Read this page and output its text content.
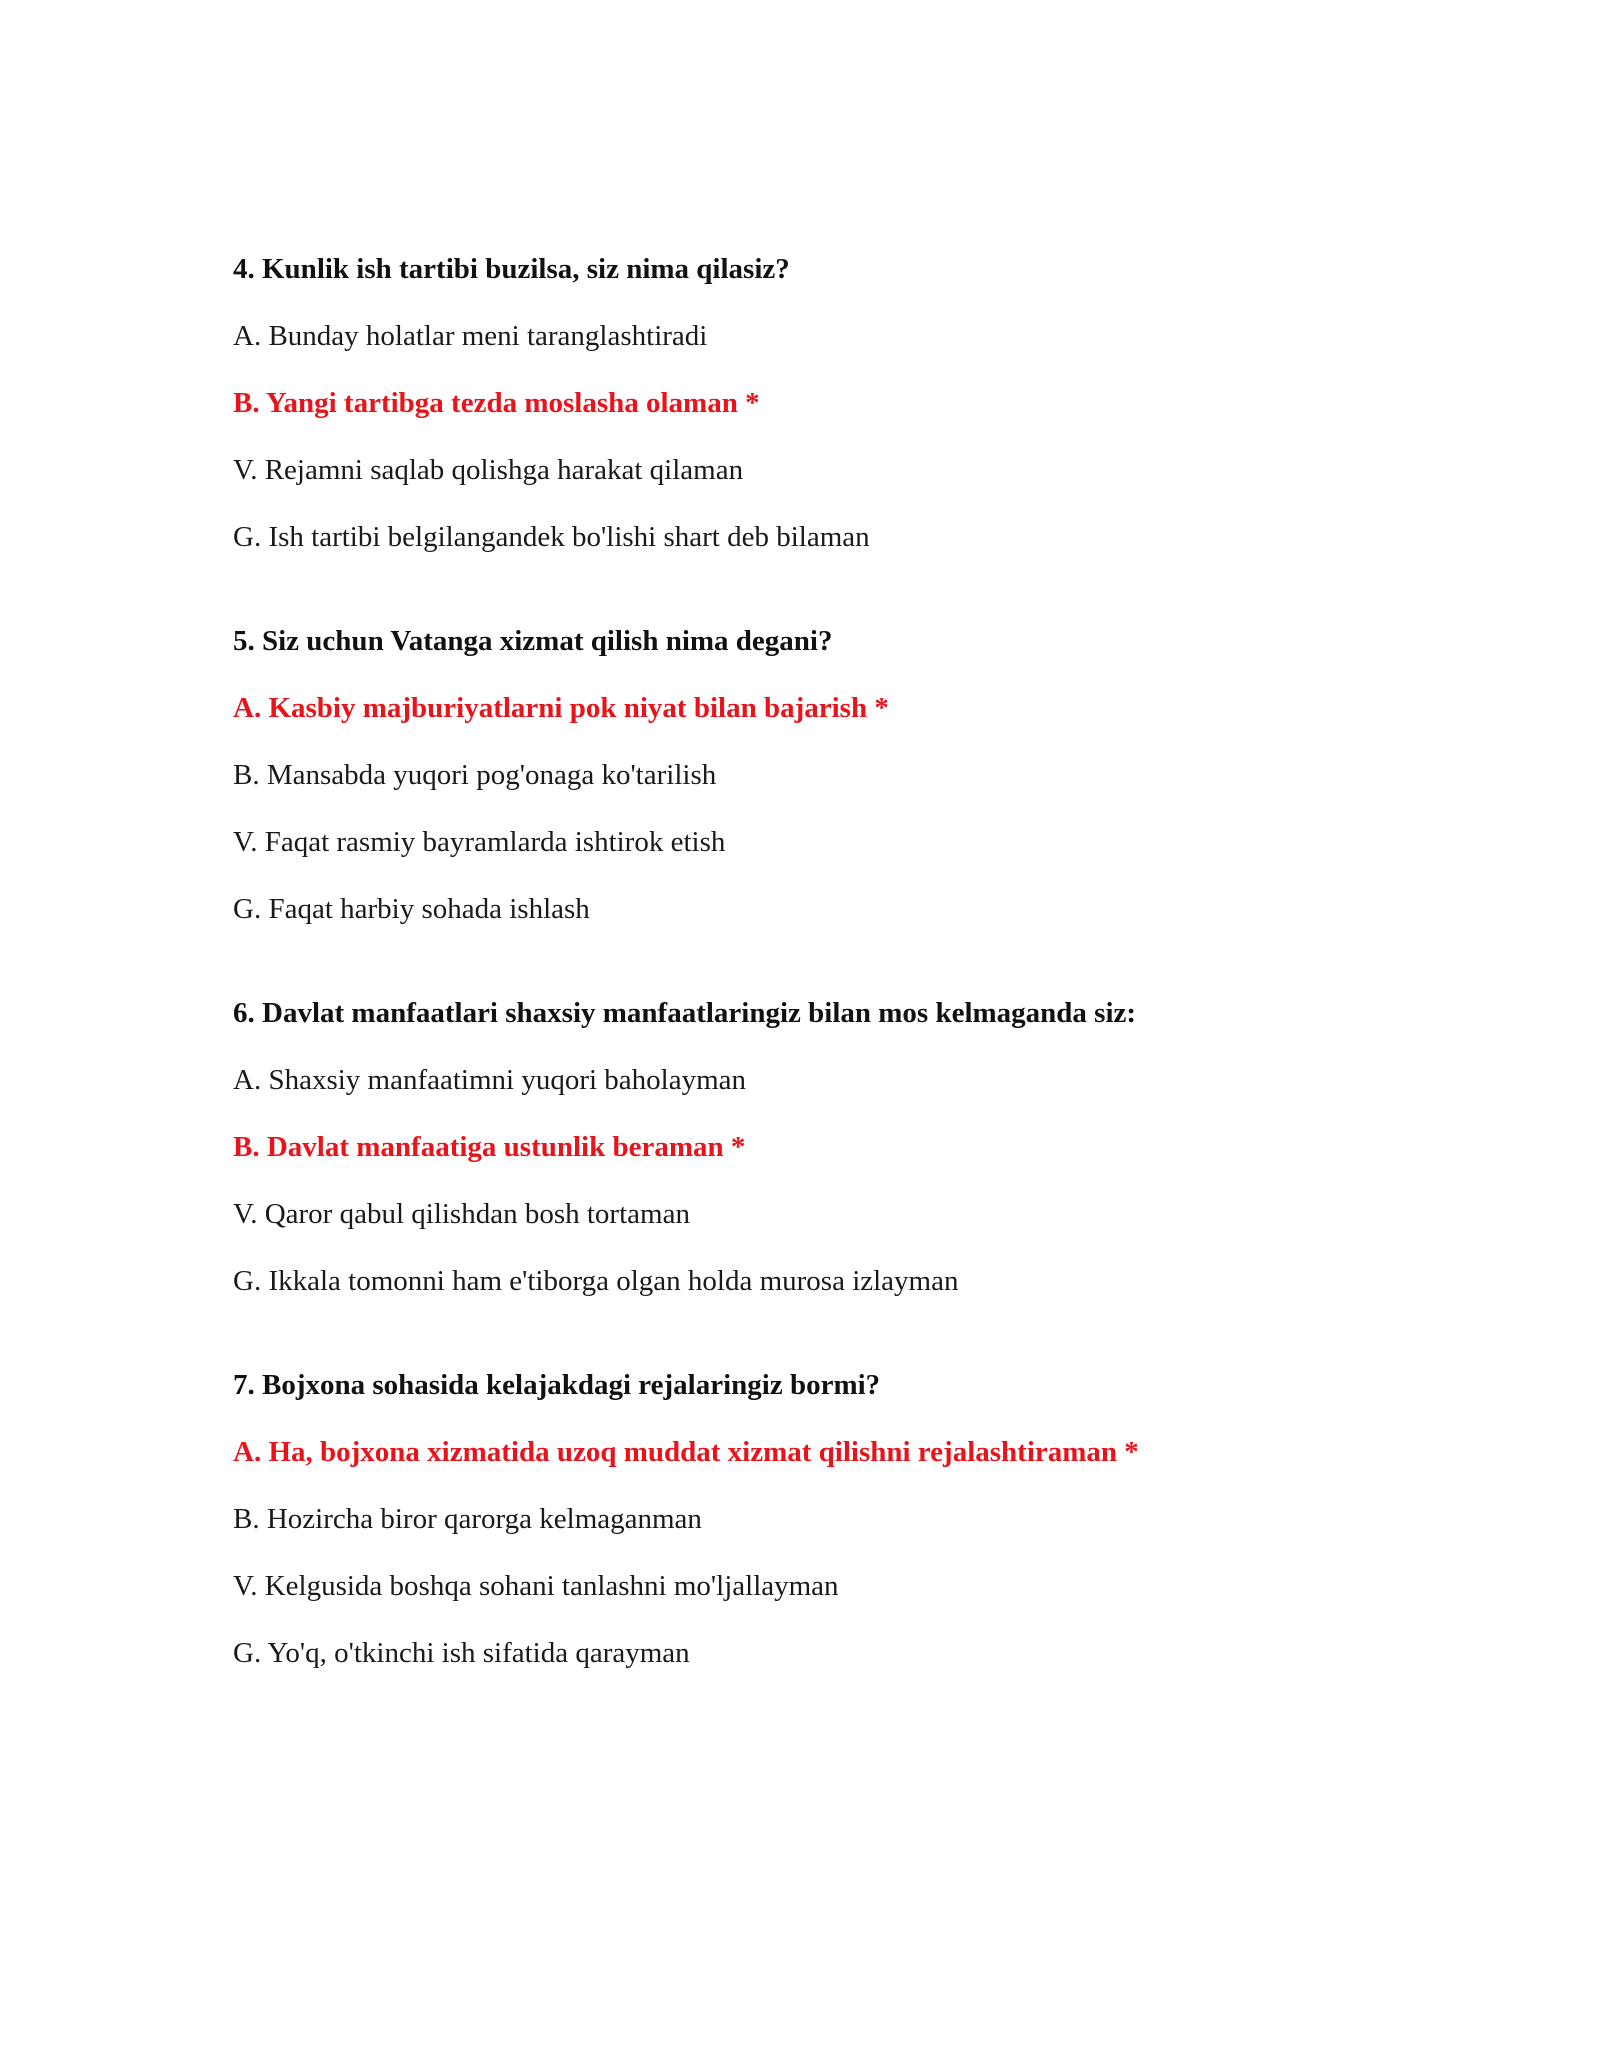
4. Kunlik ish tartibi buzilsa, siz nima qilasiz?
A. Bunday holatlar meni taranglashtiradi
B. Yangi tartibga tezda moslasha olaman *
V. Rejamni saqlab qolishga harakat qilaman
G. Ish tartibi belgilangandek bo'lishi shart deb bilaman
5. Siz uchun Vatanga xizmat qilish nima degani?
A. Kasbiy majburiyatlarni pok niyat bilan bajarish *
B. Mansabda yuqori pog'onaga ko'tarilish
V. Faqat rasmiy bayramlarda ishtirok etish
G. Faqat harbiy sohada ishlash
6. Davlat manfaatlari shaxsiy manfaatlaringiz bilan mos kelmaganda siz:
A. Shaxsiy manfaatimni yuqori baholayman
B. Davlat manfaatiga ustunlik beraman *
V. Qaror qabul qilishdan bosh tortaman
G. Ikkala tomonni ham e'tiborga olgan holda murosa izlayman
7. Bojxona sohasida kelajakdagi rejalaringiz bormi?
A. Ha, bojxona xizmatida uzoq muddat xizmat qilishni rejalashtiraman *
B. Hozircha biror qarorga kelmaganman
V. Kelgusida boshqa sohani tanlashni mo'ljallayman
G. Yo'q, o'tkinchi ish sifatida qarayman
